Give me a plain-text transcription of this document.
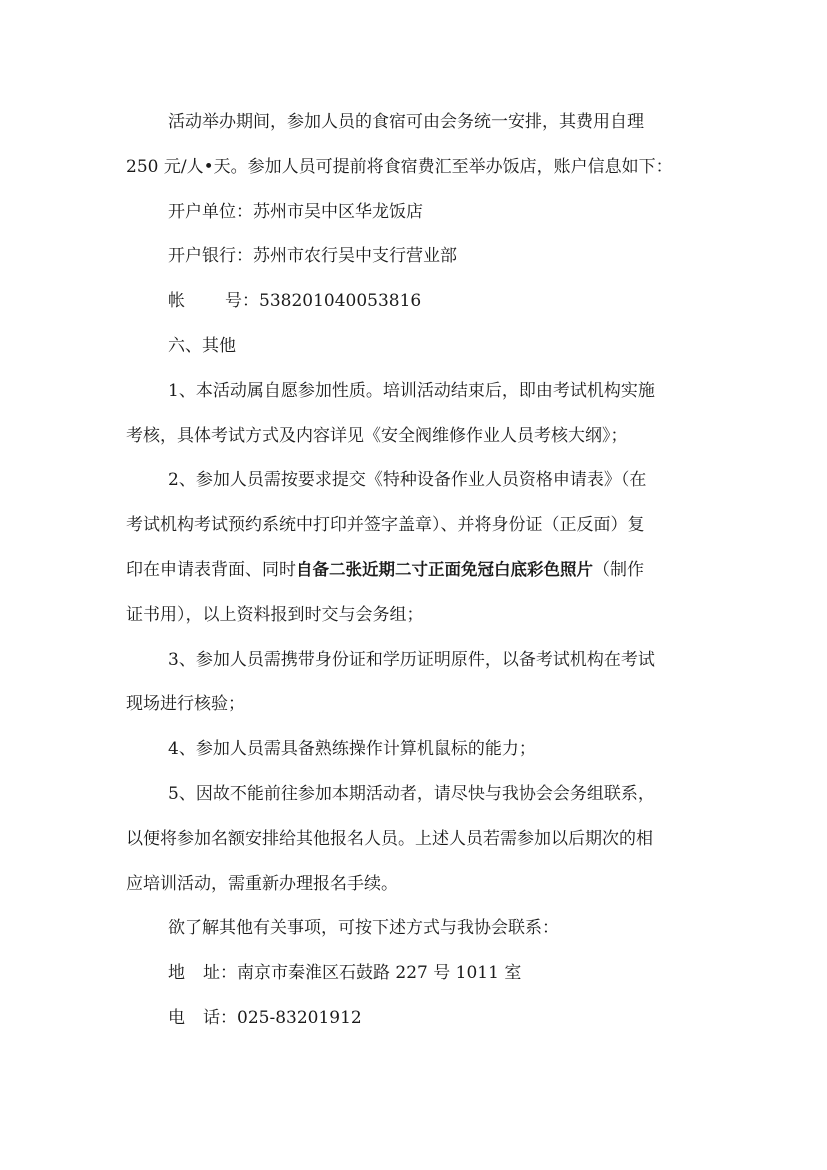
活动举办期间，参加人员的食宿可由会务统一安排，其费用自理
250 元/人•天。参加人员可提前将食宿费汇至举办饭店，账户信息如下：
开户单位：苏州市吴中区华龙饭店
开户银行：苏州市农行吴中支行营业部
帐 号：538201040053816
六、其他
1、本活动属自愿参加性质。培训活动结束后，即由考试机构实施
考核，具体考试方式及内容详见《安全阀维修作业人员考核大纲》；
2、参加人员需按要求提交《特种设备作业人员资格申请表》（在
考试机构考试预约系统中打印并签字盖章）、并将身份证（正反面）复
印在申请表背面、同时自备二张近期二寸正面免冠白底彩色照片（制作
证书用），以上资料报到时交与会务组；
3、参加人员需携带身份证和学历证明原件，以备考试机构在考试
现场进行核验；
4、参加人员需具备熟练操作计算机鼠标的能力；
5、因故不能前往参加本期活动者，请尽快与我协会会务组联系，
以便将参加名额安排给其他报名人员。上述人员若需参加以后期次的相
应培训活动，需重新办理报名手续。
欲了解其他有关事项，可按下述方式与我协会联系：
地 址：南京市秦淮区石鼓路 227 号 1011 室
电 话：025-83201912
